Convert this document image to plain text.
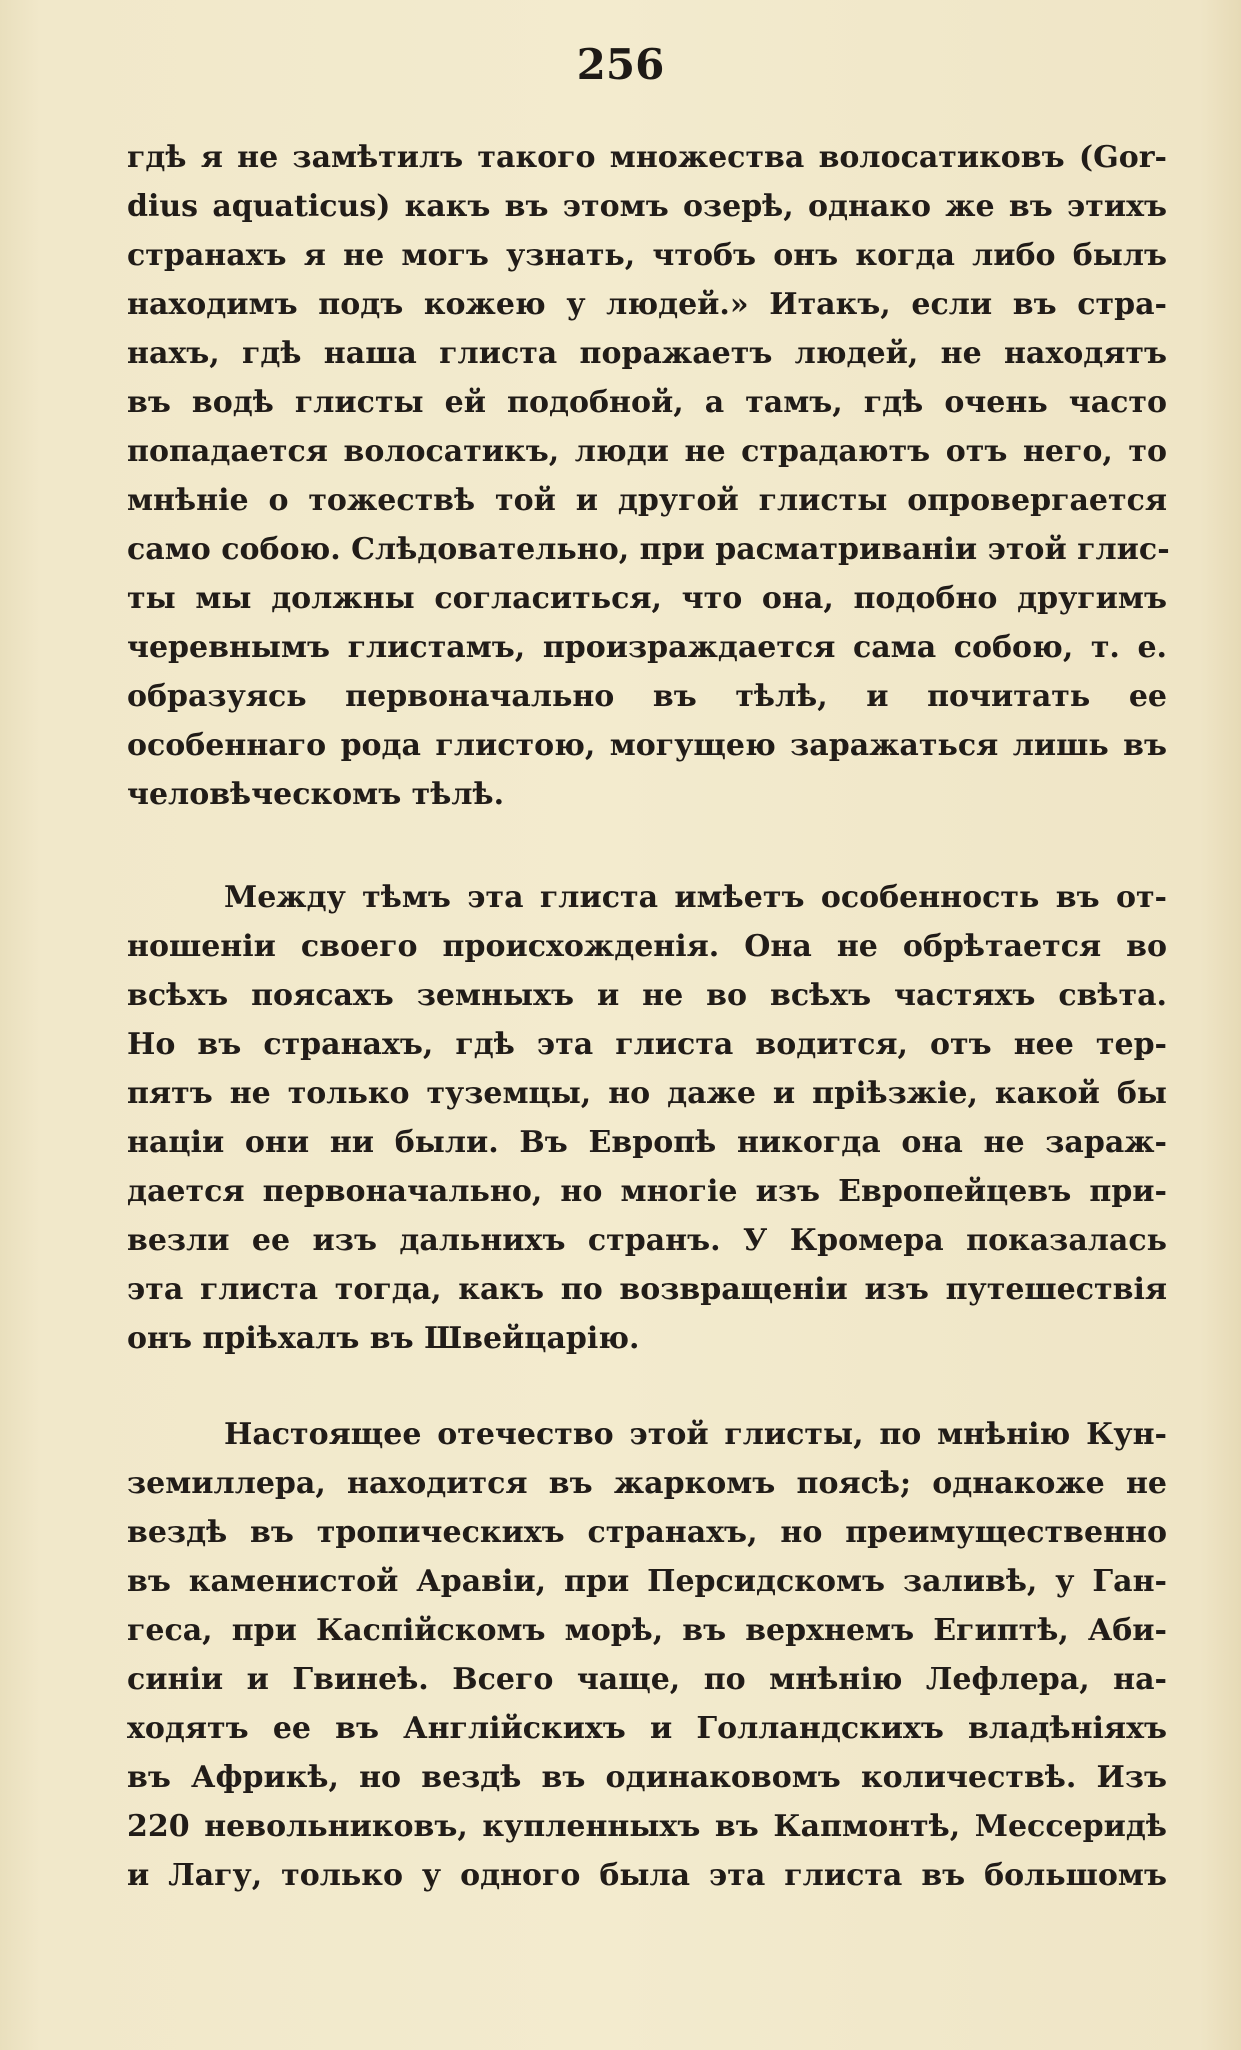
256
гдѣ я не замѣтилъ такого множества волосатиковъ (Gor-
dius aquaticus) какъ въ этомъ озерѣ, однако же въ этихъ
странахъ я не могъ узнать, чтобъ онъ когда либо былъ
находимъ подъ кожею у людей.» Итакъ, если въ стра-
нахъ, гдѣ наша глиста поражаетъ людей, не находятъ
въ водѣ глисты ей подобной, а тамъ, гдѣ очень часто
попадается волосатикъ, люди не страдаютъ отъ него, то
мнѣніе о тожествѣ той и другой глисты опровергается
само собою. Слѣдовательно, при расматриваніи этой глис-
ты мы должны согласиться, что она, подобно другимъ
черевнымъ глистамъ, произраждается сама собою, т. е.
образуясь первоначально въ тѣлѣ, и почитать ее
особеннаго рода глистою, могущею заражаться лишь въ
человѣческомъ тѣлѣ.
Между тѣмъ эта глиста имѣетъ особенность въ от-
ношеніи своего происхожденія. Она не обрѣтается во
всѣхъ поясахъ земныхъ и не во всѣхъ частяхъ свѣта.
Но въ странахъ, гдѣ эта глиста водится, отъ нее тер-
пятъ не только туземцы, но даже и пріѣзжіе, какой бы
націи они ни были. Въ Европѣ никогда она не зараж-
дается первоначально, но многіе изъ Европейцевъ при-
везли ее изъ дальнихъ странъ. У Кромера показалась
эта глиста тогда, какъ по возвращеніи изъ путешествія
онъ пріѣхалъ въ Швейцарію.
Настоящее отечество этой глисты, по мнѣнію Кун-
земиллера, находится въ жаркомъ поясѣ; однакоже не
вездѣ въ тропическихъ странахъ, но преимущественно
въ каменистой Аравіи, при Персидскомъ заливѣ, у Ган-
геса, при Каспійскомъ морѣ, въ верхнемъ Египтѣ, Аби-
синіи и Гвинеѣ. Всего чаще, по мнѣнію Лефлера, на-
ходятъ ее въ Англійскихъ и Голландскихъ владѣніяхъ
въ Африкѣ, но вездѣ въ одинаковомъ количествѣ. Изъ
220 невольниковъ, купленныхъ въ Капмонтѣ, Мессеридѣ
и Лагу, только у одного была эта глиста въ большомъ
